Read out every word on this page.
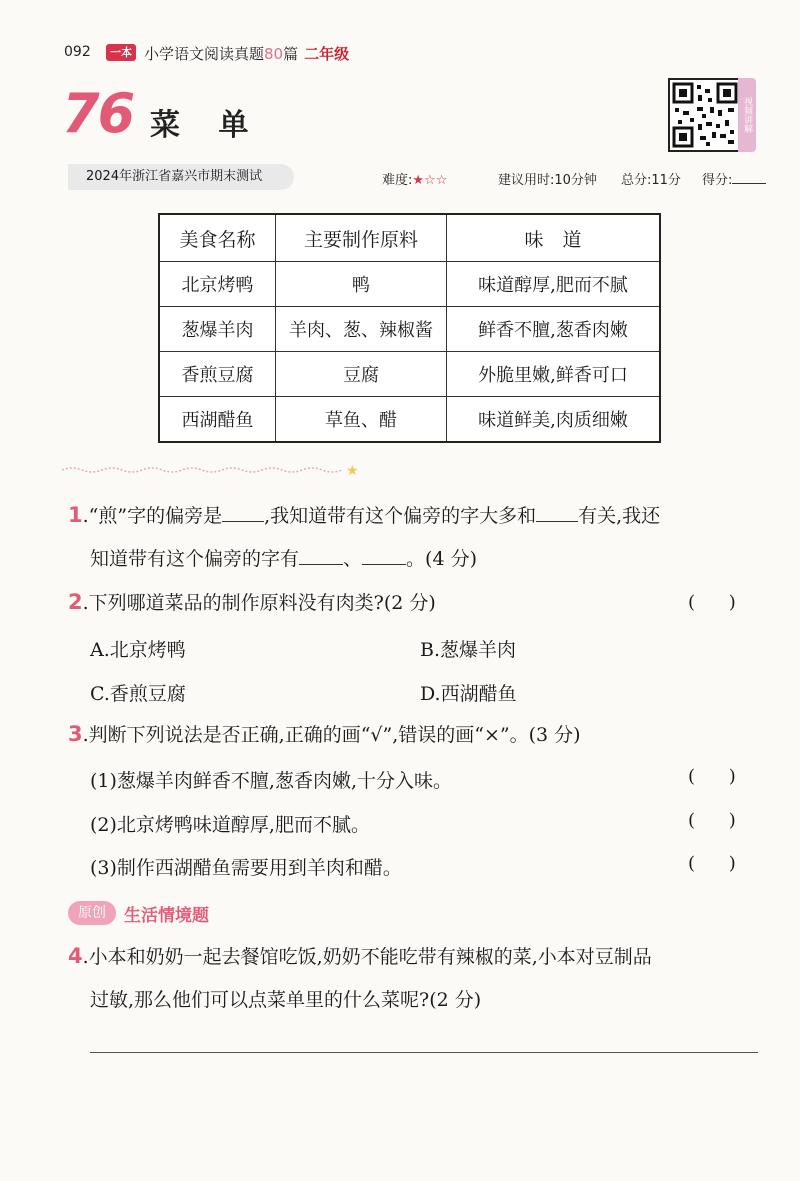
092	一本 小学语文阅读真题80篇 二年级
76 菜 单	视频讲解
2024年浙江省嘉兴市期末测试	难度:★☆☆	建议用时:10分钟 总分:11分 得分:
美食名称	主要制作原料	味　道
北京烤鸭	鸭	味道醇厚,肥而不腻
葱爆羊肉	羊肉、葱、辣椒酱	鲜香不膻,葱香肉嫩
香煎豆腐	豆腐	外脆里嫩,鲜香可口
西湖醋鱼	草鱼、醋	味道鲜美,肉质细嫩
★
1.“煎”字的偏旁是 ,我知道带有这个偏旁的字大多和 有关,我还
知道带有这个偏旁的字有 、 。(4 分)
2.下列哪道菜品的制作原料没有肉类?(2 分)	( )
A.北京烤鸭	B.葱爆羊肉
C.香煎豆腐	D.西湖醋鱼
3.判断下列说法是否正确,正确的画“√”,错误的画“×”。(3 分)
(1)葱爆羊肉鲜香不膻,葱香肉嫩,十分入味。	( )
(2)北京烤鸭味道醇厚,肥而不腻。	( )
(3)制作西湖醋鱼需要用到羊肉和醋。	( )
原创	生活情境题
4.小本和奶奶一起去餐馆吃饭,奶奶不能吃带有辣椒的菜,小本对豆制品
过敏,那么他们可以点菜单里的什么菜呢?(2 分)
